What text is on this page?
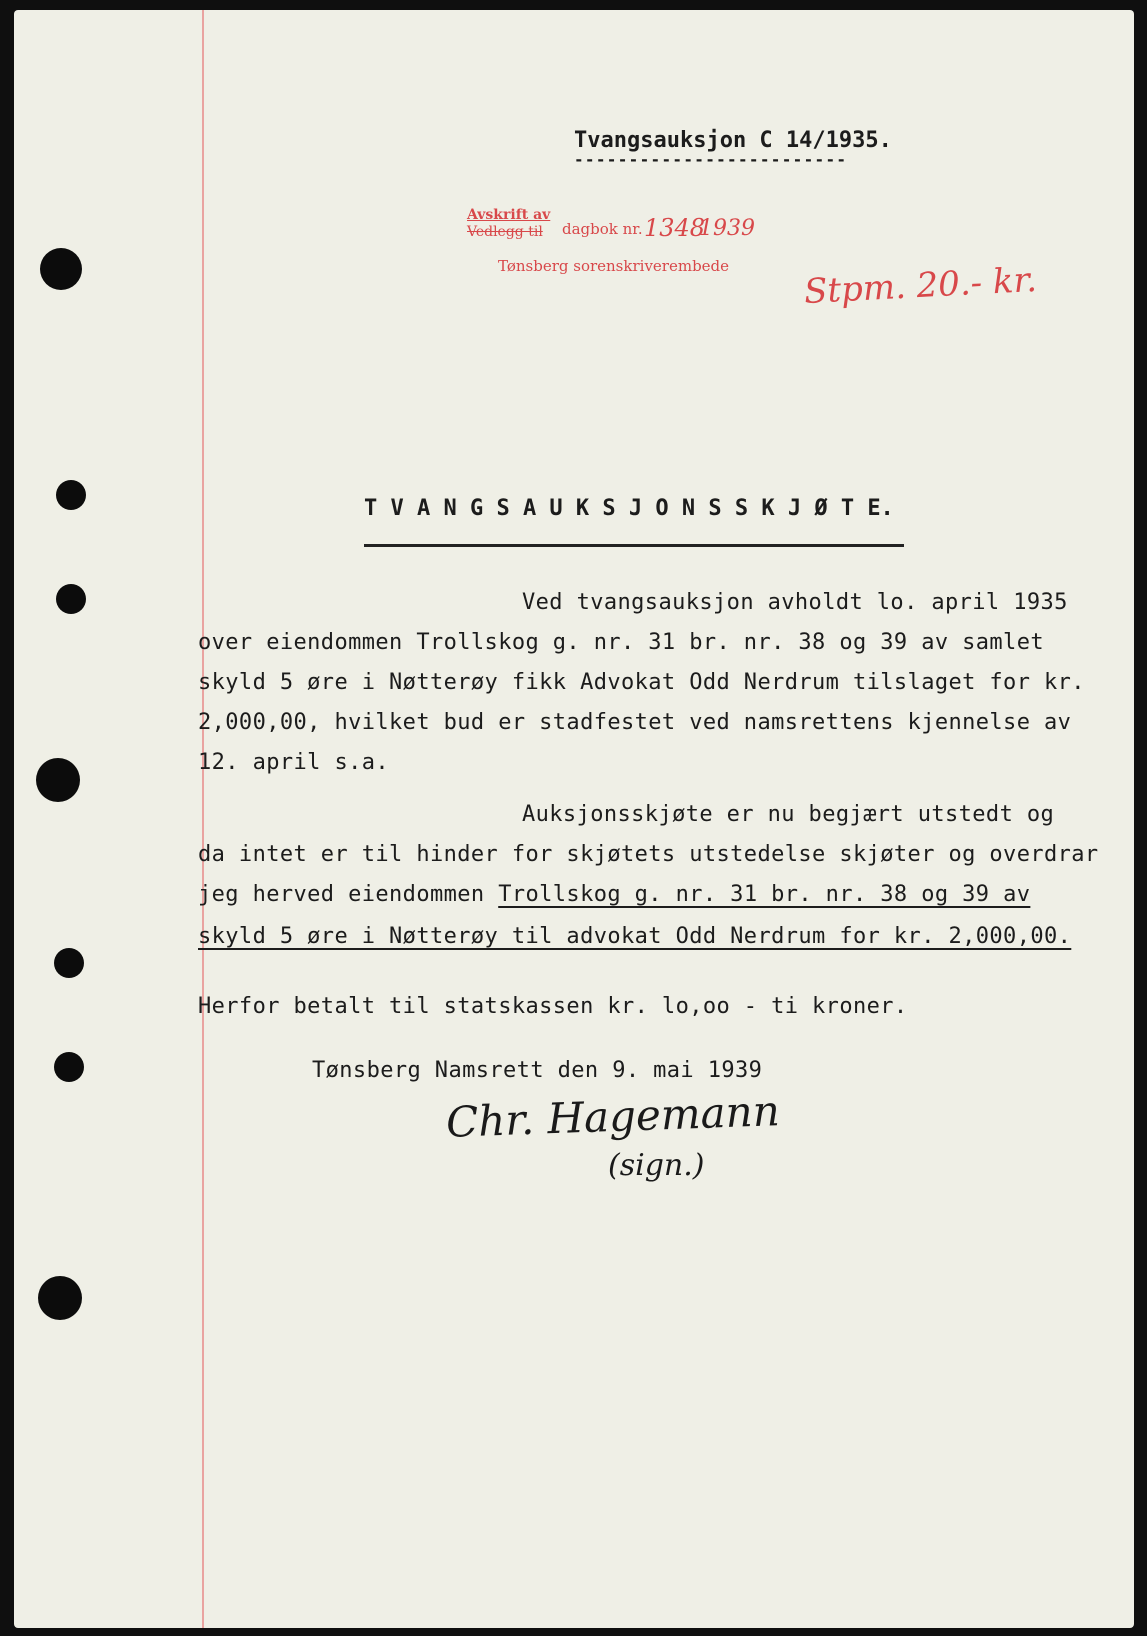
Tvangsauksjon C 14/1935.
-------------------------
Avskrift av
Vedlegg til dagbok nr. 1348
1939
Tønsberg sorenskriverembede Stpm. 20.- kr.
T V A N G S A U K S J O N S S K J Ø T E.
Ved tvangsauksjon avholdt lo. april 1935
over eiendommen Trollskog g. nr. 31 br. nr. 38 og 39 av samlet
skyld 5 øre i Nøtterøy fikk Advokat Odd Nerdrum tilslaget for kr.
2,000,00, hvilket bud er stadfestet ved namsrettens kjennelse av
12. april s.a.
Auksjonsskjøte er nu begjært utstedt og
da intet er til hinder for skjøtets utstedelse skjøter og overdrar
jeg herved eiendommen Trollskog g. nr. 31 br. nr. 38 og 39 av
skyld 5 øre i Nøtterøy til advokat Odd Nerdrum for kr. 2,000,00.
Herfor betalt til statskassen kr. lo,oo - ti kroner.
Tønsberg Namsrett den 9. mai 1939
Chr. Hagemann
(sign.)
